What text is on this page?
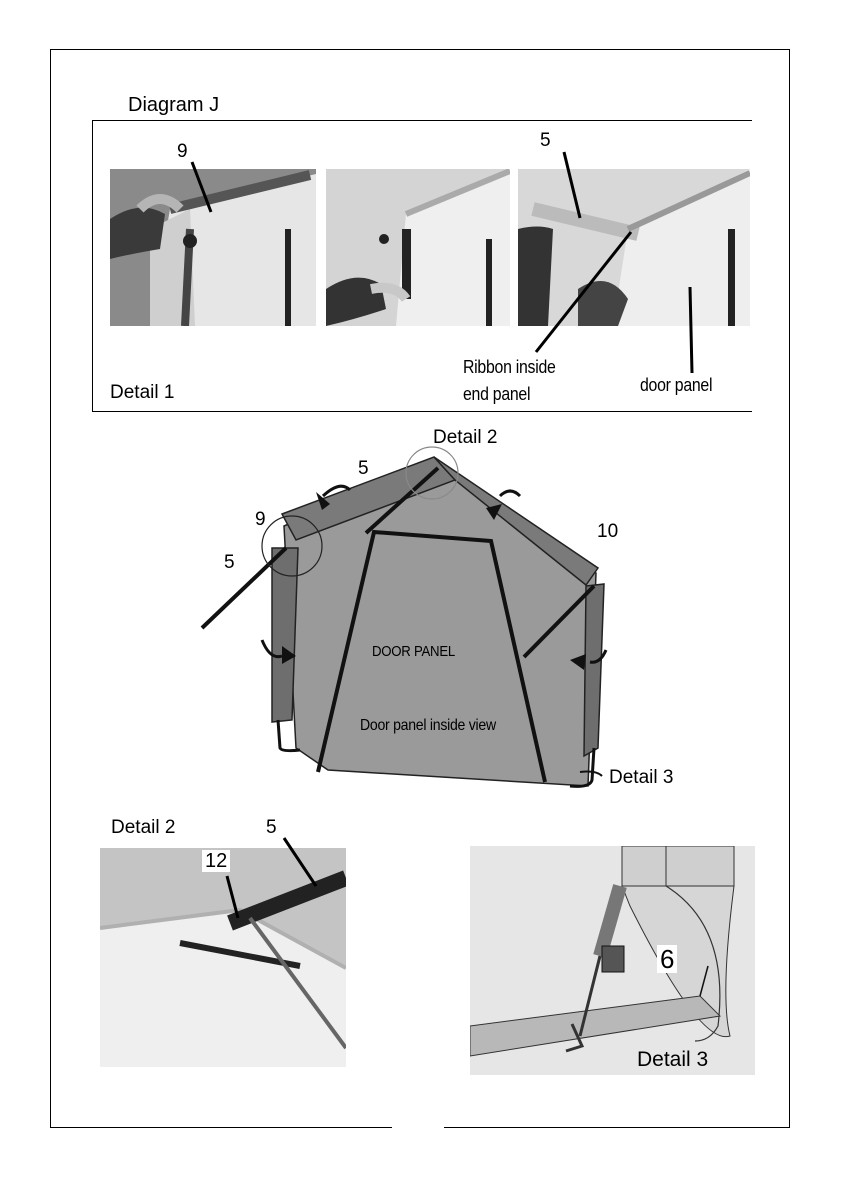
Diagram J
9
5
Ribbon inside
end panel	door panel
Detail 1
Detail 2
5
9
5
10
DOOR PANEL
Door panel inside view
Detail 3
Detail 2	5
12
6
Detail 3
